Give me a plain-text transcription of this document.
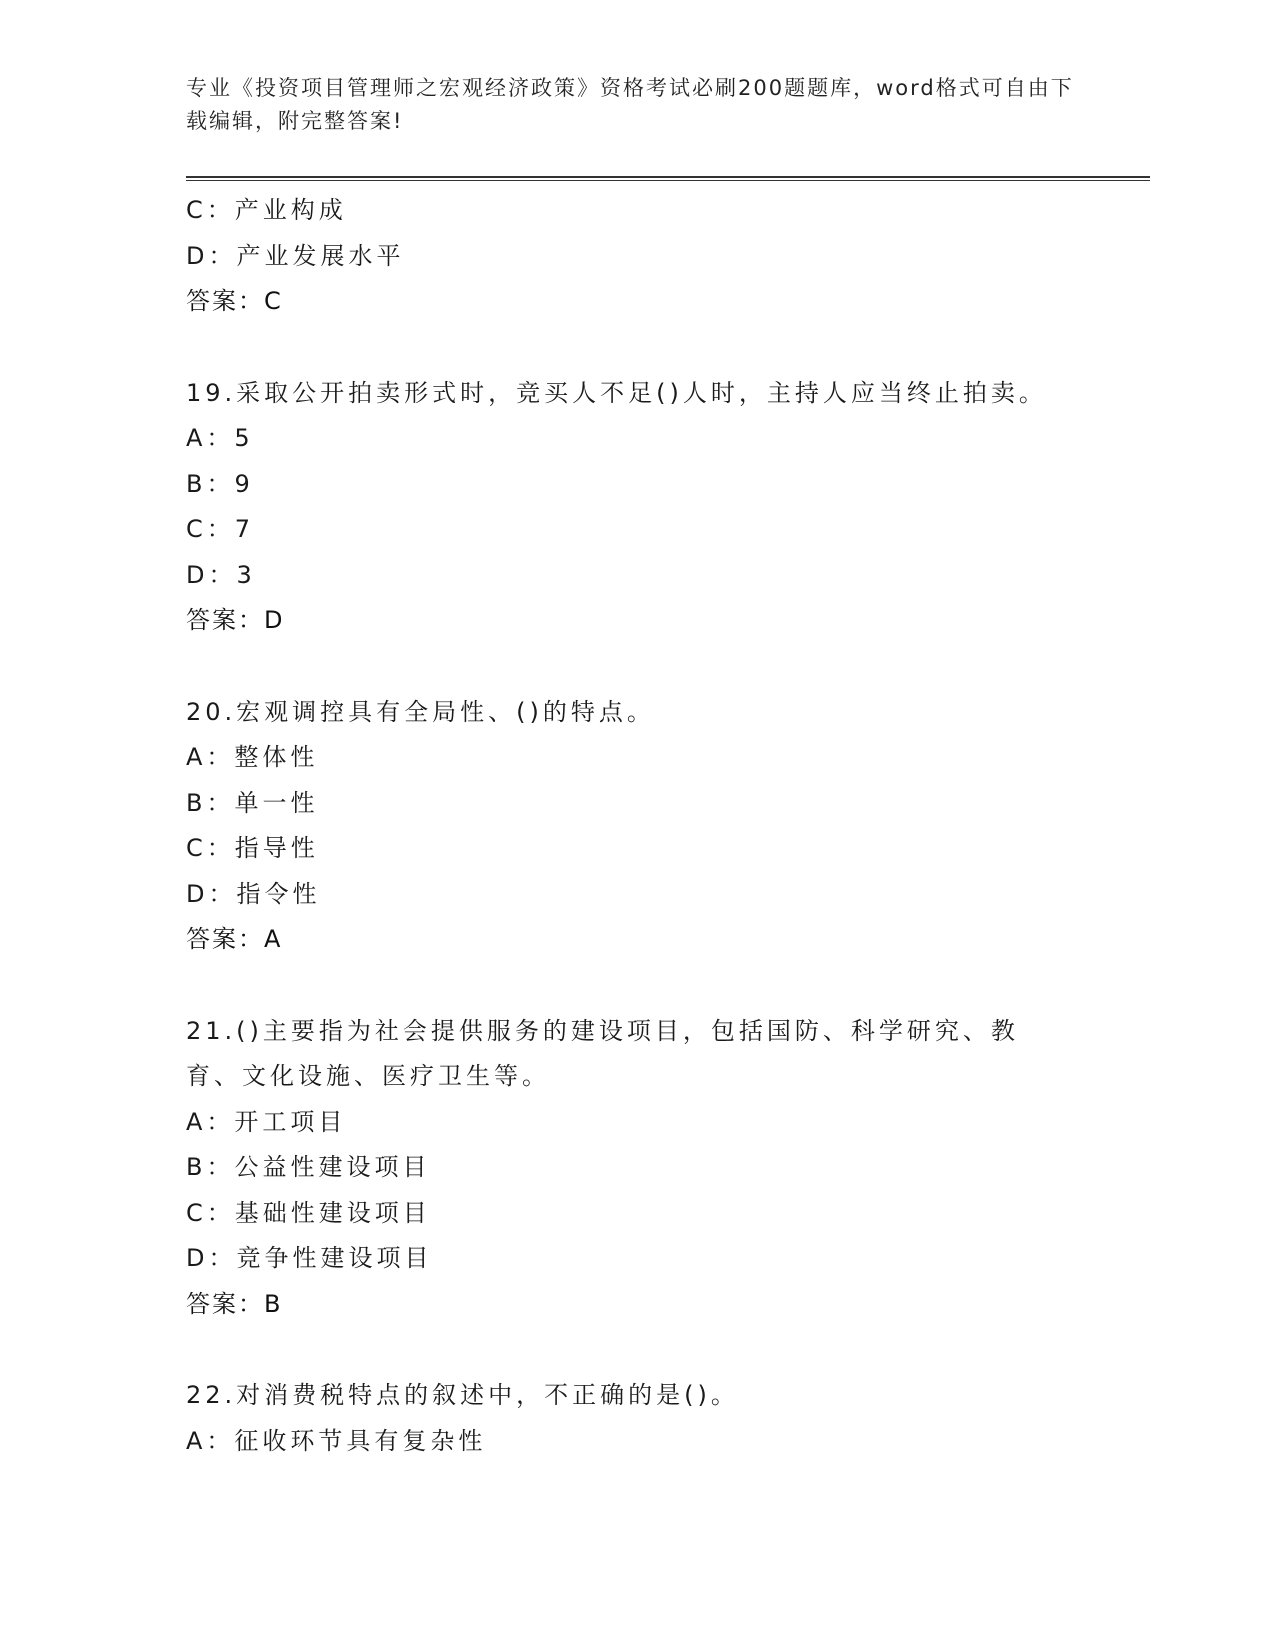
专业《投资项目管理师之宏观经济政策》资格考试必刷200题题库，word格式可自由下载编辑，附完整答案!
C：产业构成
D：产业发展水平
答案：C
19.采取公开拍卖形式时，竞买人不足()人时，主持人应当终止拍卖。
A：5
B：9
C：7
D：3
答案：D
20.宏观调控具有全局性、()的特点。
A：整体性
B：单一性
C：指导性
D：指令性
答案：A
21.()主要指为社会提供服务的建设项目，包括国防、科学研究、教育、文化设施、医疗卫生等。
A：开工项目
B：公益性建设项目
C：基础性建设项目
D：竞争性建设项目
答案：B
22.对消费税特点的叙述中，不正确的是()。
A：征收环节具有复杂性
